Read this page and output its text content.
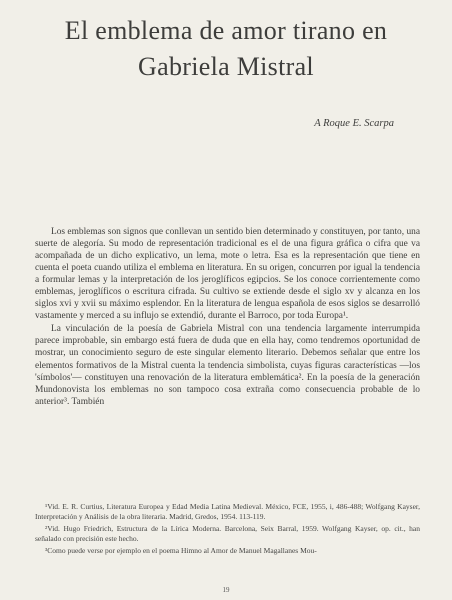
El emblema de amor tirano en
Gabriela Mistral
A Roque E. Scarpa

Los emblemas son signos que conllevan un sentido bien determinado y constituyen, por tanto, una suerte de alegoría. Su modo de representación tradicional es el de una figura gráfica o cifra que va acompañada de un dicho explicativo, un lema, mote o letra. Esa es la representación que tiene en cuenta el poeta cuando utiliza el emblema en literatura. En su origen, concurren por igual la tendencia a formular lemas y la interpretación de los jeroglíficos egipcios. Se los conoce corrientemente como emblemas, jeroglíficos o escritura cifrada. Su cultivo se extiende desde el siglo xv y alcanza en los siglos xvi y xvii su máximo esplendor. En la literatura de lengua española de esos siglos se desarrolló vastamente y merced a su influjo se extendió, durante el Barroco, por toda Europa¹.

La vinculación de la poesía de Gabriela Mistral con una tendencia largamente interrumpida parece improbable, sin embargo está fuera de duda que en ella hay, como tendremos oportunidad de mostrar, un conocimiento seguro de este singular elemento literario. Debemos señalar que entre los elementos formativos de la Mistral cuenta la tendencia simbolista, cuyas figuras características —los 'símbolos'— constituyen una renovación de la literatura emblemática². En la poesía de la generación Mundonovista los emblemas no son tampoco cosa extraña como consecuencia probable de lo anterior³. También

¹Vid. E. R. Curtius, Literatura Europea y Edad Media Latina Medieval. México, FCE, 1955, i, 486-488; Wolfgang Kayser, Interpretación y Análisis de la obra literaria. Madrid, Gredos, 1954. 113-119.

²Vid. Hugo Friedrich, Estructura de la Lírica Moderna. Barcelona, Seix Barral, 1959. Wolfgang Kayser, op. cit., han señalado con precisión este hecho.

³Como puede verse por ejemplo en el poema Himno al Amor de Manuel Magallanes Mou-

19
